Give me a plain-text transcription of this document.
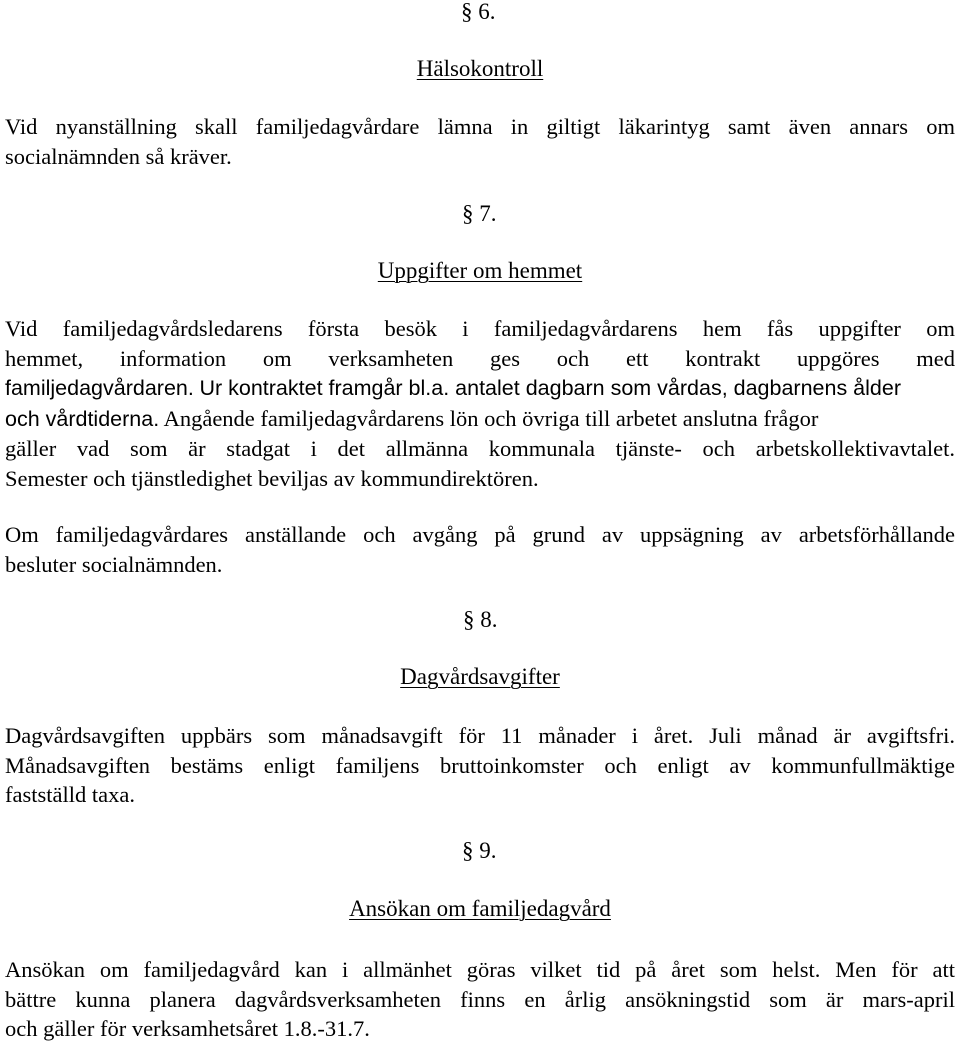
§ 6.
Hälsokontroll
Vid nyanställning skall familjedagvårdare lämna in giltigt läkarintyg samt även annars om
socialnämnden så kräver.
§ 7.
Uppgifter om hemmet
Vid familjedagvårdsledarens första besök i familjedagvårdarens hem fås uppgifter om
hemmet, information om verksamheten ges och ett kontrakt uppgöres med
familjedagvårdaren. Ur kontraktet framgår bl.a. antalet dagbarn som vårdas, dagbarnens ålder
och vårdtiderna. Angående familjedagvårdarens lön och övriga till arbetet anslutna frågor
gäller vad som är stadgat i det allmänna kommunala tjänste- och arbetskollektivavtalet.
Semester och tjänstledighet beviljas av kommundirektören.
Om familjedagvårdares anställande och avgång på grund av uppsägning av arbetsförhållande
besluter socialnämnden.
§ 8.
Dagvårdsavgifter
Dagvårdsavgiften uppbärs som månadsavgift för 11 månader i året. Juli månad är avgiftsfri.
Månadsavgiften bestäms enligt familjens bruttoinkomster och enligt av kommunfullmäktige
fastställd taxa.
§ 9.
Ansökan om familjedagvård
Ansökan om familjedagvård kan i allmänhet göras vilket tid på året som helst. Men för att
bättre kunna planera dagvårdsverksamheten finns en årlig ansökningstid som är mars-april
och gäller för verksamhetsåret 1.8.-31.7.
